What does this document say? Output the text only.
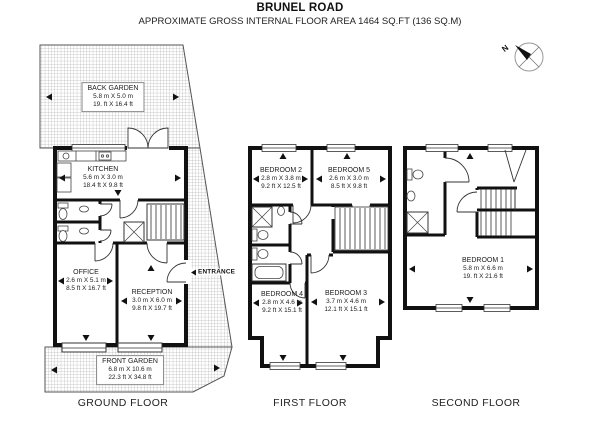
BRUNEL ROAD
APPROXIMATE GROSS INTERNAL FLOOR AREA 1464 SQ.FT (136 SQ.M)
N
BACK GARDEN
5.8 m X 5.0 m
19. ft X 16.4 ft
KITCHEN
5.6 m X 3.0 m
18.4 ft X 9.8 ft
OFFICE
2.6 m X 5.1 m
8.5 ft X 16.7 ft
RECEPTION
3.0 m X 6.0 m
9.8 ft X 19.7 ft
FRONT GARDEN
6.8 m X 10.6 m
22.3 ft X 34.8 ft
BEDROOM 2
2.8 m X 3.8 m
9.2 ft X 12.5 ft
BEDROOM 5
2.6 m X 3.0 m
8.5 ft X 9.8 ft
BEDROOM 4
2.8 m X 4.6 m
9.2 ft X 15.1 ft
BEDROOM 3
3.7 m X 4.6 m
12.1 ft X 15.1 ft
BEDROOM 1
5.8 m X 6.6 m
19. ft X 21.6 ft
ENTRANCE
GROUND FLOOR	FIRST FLOOR	SECOND FLOOR
